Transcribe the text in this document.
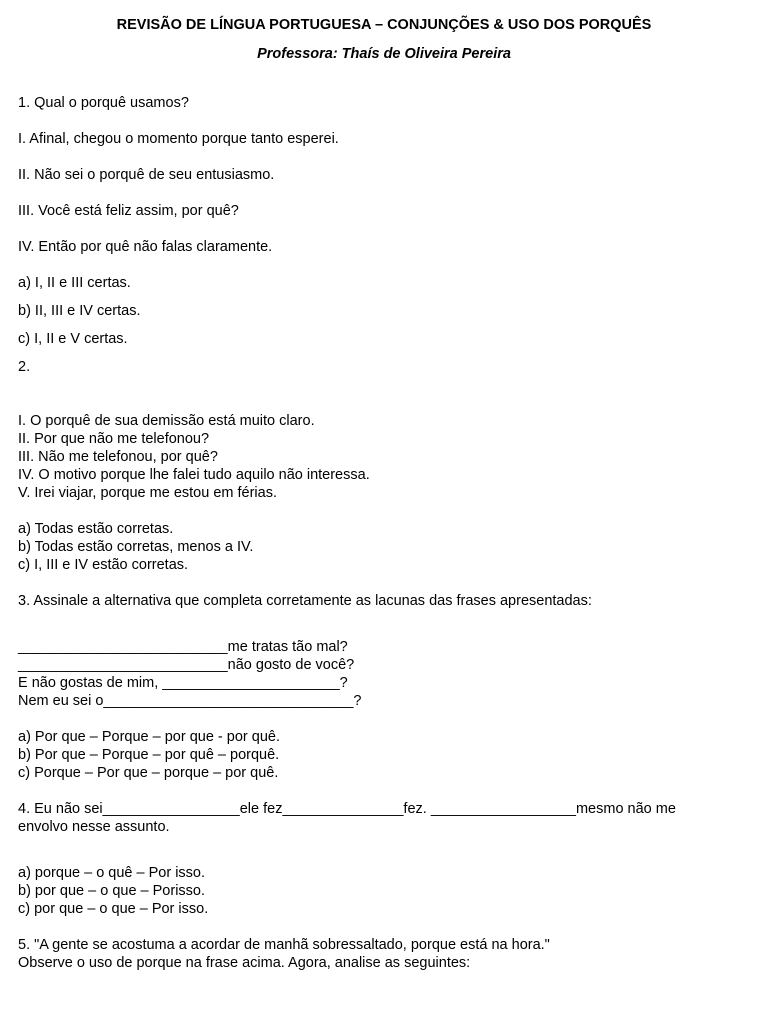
REVISÃO DE LÍNGUA PORTUGUESA – CONJUNÇÕES & USO DOS PORQUÊS

Professora: Thaís de Oliveira Pereira

1. Qual o porquê usamos?

I. Afinal, chegou o momento porque tanto esperei.

II. Não sei o porquê de seu entusiasmo.

III. Você está feliz assim, por quê?

IV. Então por quê não falas claramente.

a) I, II e III certas.

b) II, III e IV certas.

c) I, II e V certas.

2.

I. O porquê de sua demissão está muito claro.

II. Por que não me telefonou?

III. Não me telefonou, por quê?

IV. O motivo porque lhe falei tudo aquilo não interessa.

V. Irei viajar, porque me estou em férias.

a) Todas estão corretas.

b) Todas estão corretas, menos a IV.

c) I, III e IV estão corretas.

3. Assinale a alternativa que completa corretamente as lacunas das frases apresentadas:

__________________________me tratas tão mal?

__________________________não gosto de você?

E não gostas de mim, ______________________?

Nem eu sei o_______________________________?

a) Por que – Porque – por que - por quê.

b) Por que – Porque – por quê – porquê.

c) Porque – Por que – porque – por quê.

4. Eu não sei_________________ele fez_______________fez. __________________mesmo não me

envolvo nesse assunto.

a) porque – o quê – Por isso.

b) por que – o que – Porisso.

c) por que – o que – Por isso.

5. "A gente se acostuma a acordar de manhã sobressaltado, porque está na hora."

Observe o uso de porque na frase acima. Agora, analise as seguintes:
